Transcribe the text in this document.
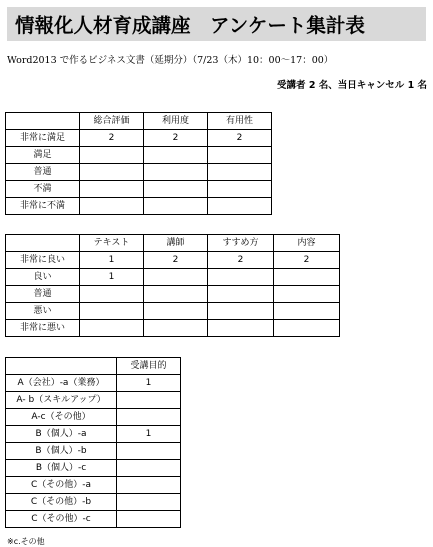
情報化人材育成講座　アンケート集計表
Word2013 で作るビジネス文書（延期分）（7/23（木）10：00～17：00）
受講者 2 名、当日キャンセル 1 名
	総合評価	利用度	有用性
非常に満足	2	2	2
満足			
普通			
不満			
非常に不満			
	テキスト	講師	すすめ方	内容
非常に良い	1	2	2	2
良い	1			
普通				
悪い				
非常に悪い				
	受講目的
A（会社）-a（業務）	1
A- b（スキルアップ）	
A-c（その他）	
B（個人）-a	1
B（個人）-b	
B（個人）-c	
C（その他）-a	
C（その他）-b	
C（その他）-c	
※c.その他
